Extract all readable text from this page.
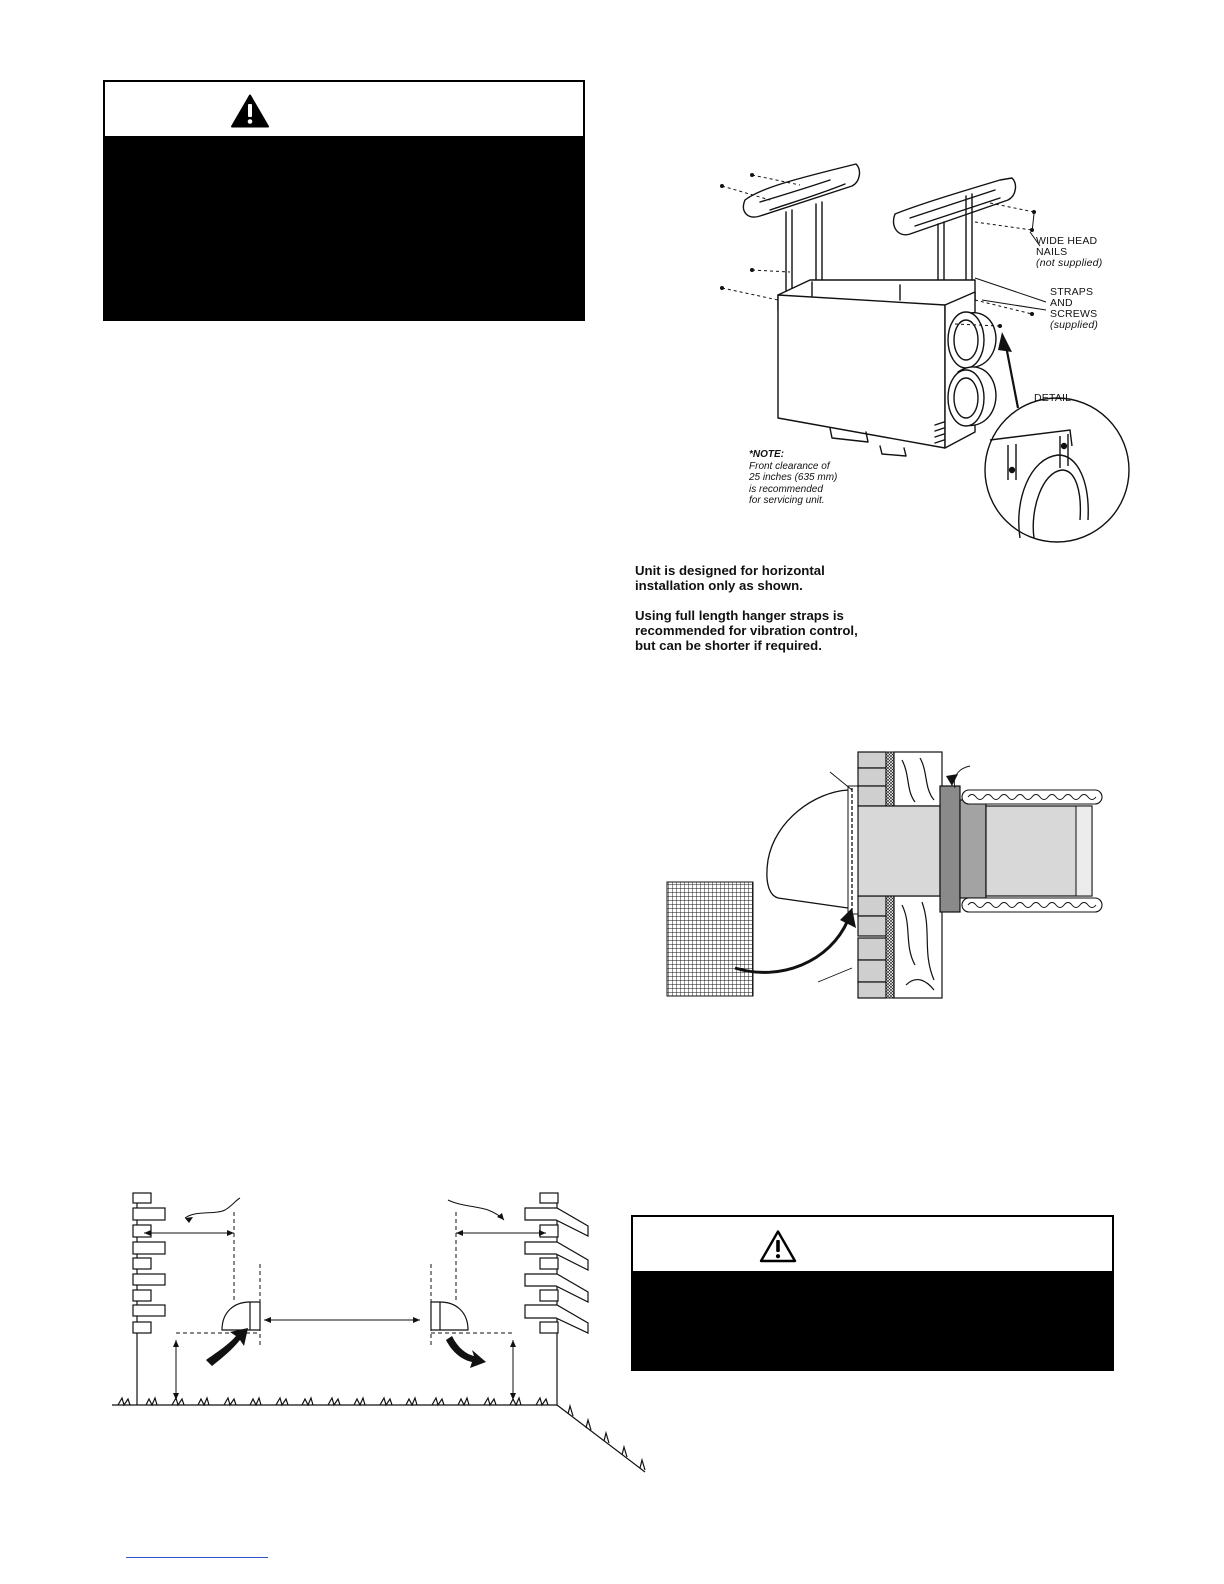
WIDE HEAD
NAILS
(not supplied)
STRAPS
AND
SCREWS
(supplied)
DETAIL
*NOTE:
Front clearance of
25 inches (635 mm)
is recommended
for servicing unit.

Unit is designed for horizontal
installation only as shown.

Using full length hanger straps is
recommended for vibration control,
but can be shorter if required.
